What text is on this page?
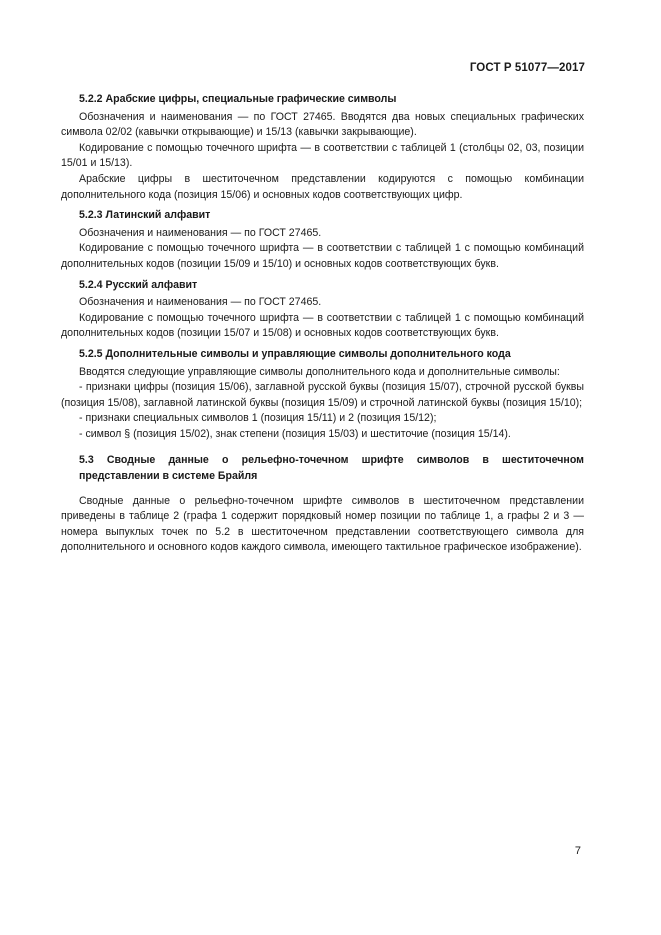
ГОСТ Р 51077—2017

5.2.2 Арабские цифры, специальные графические символы

Обозначения и наименования — по ГОСТ 27465. Вводятся два новых специальных графических символа 02/02 (кавычки открывающие) и 15/13 (кавычки закрывающие).

Кодирование с помощью точечного шрифта — в соответствии с таблицей 1 (столбцы 02, 03, позиции 15/01 и 15/13).

Арабские цифры в шеститочечном представлении кодируются с помощью комбинации дополнительного кода (позиция 15/06) и основных кодов соответствующих цифр.

5.2.3 Латинский алфавит

Обозначения и наименования — по ГОСТ 27465.

Кодирование с помощью точечного шрифта — в соответствии с таблицей 1 с помощью комбинаций дополнительных кодов (позиции 15/09 и 15/10) и основных кодов соответствующих букв.

5.2.4 Русский алфавит

Обозначения и наименования — по ГОСТ 27465.

Кодирование с помощью точечного шрифта — в соответствии с таблицей 1 с помощью комбинаций дополнительных кодов (позиции 15/07 и 15/08) и основных кодов соответствующих букв.

5.2.5 Дополнительные символы и управляющие символы дополнительного кода

Вводятся следующие управляющие символы дополнительного кода и дополнительные символы:

- признаки цифры (позиция 15/06), заглавной русской буквы (позиция 15/07), строчной русской буквы (позиция 15/08), заглавной латинской буквы (позиция 15/09) и строчной латинской буквы (позиция 15/10);

- признаки специальных символов 1 (позиция 15/11) и 2 (позиция 15/12);

- символ § (позиция 15/02), знак степени (позиция 15/03) и шеститочие (позиция 15/14).

5.3 Сводные данные о рельефно-точечном шрифте символов в шеститочечном представлении в системе Брайля

Сводные данные о рельефно-точечном шрифте символов в шеститочечном представлении приведены в таблице 2 (графа 1 содержит порядковый номер позиции по таблице 1, а графы 2 и 3 — номера выпуклых точек по 5.2 в шеститочечном представлении соответствующего символа для дополнительного и основного кодов каждого символа, имеющего тактильное графическое изображение).

7
